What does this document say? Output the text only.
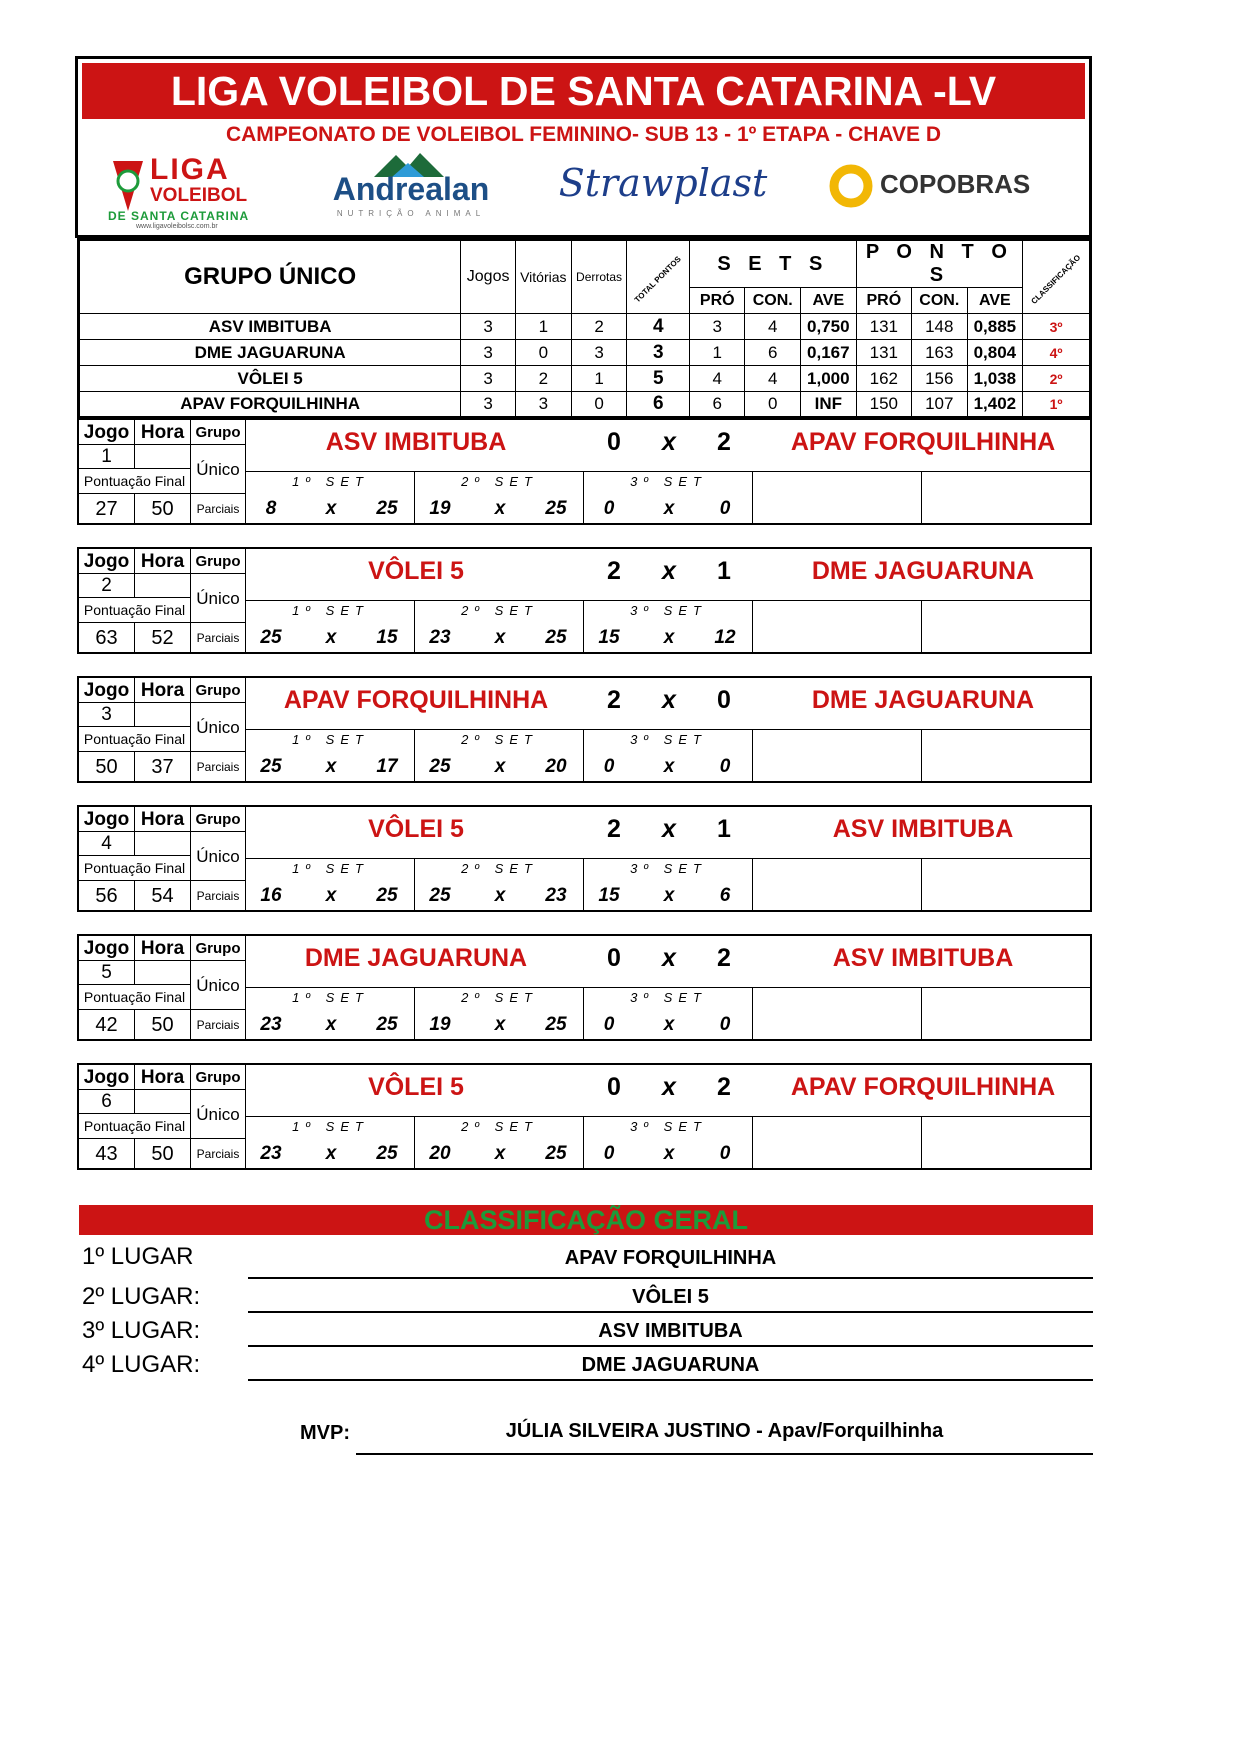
LIGA VOLEIBOL DE SANTA CATARINA -LV
CAMPEONATO DE VOLEIBOL FEMININO- SUB 13 - 1º ETAPA - CHAVE D
LIGA
VOLEIBOL
DE SANTA CATARINA
www.ligavoleibolsc.com.br
Andrealan
NUTRIÇÃO ANIMAL
Strawplast	COPOBRAS
GRUPO ÚNICO	Jogos	Vitórias	Derrotas	TOTAL PONTOS	S E T S			P O N T O S			CLASSIFICAÇÃO
					PRÓ	CON.	AVE	PRÓ	CON.	AVE	
ASV IMBITUBA	3	1	2	4	3	4	0,750	131	148	0,885	3º
DME JAGUARUNA	3	0	3	3	1	6	0,167	131	163	0,804	4º
VÔLEI 5	3	2	1	5	4	4	1,000	162	156	1,038	2º
APAV FORQUILHINHA	3	3	0	6	6	0	INF	150	107	1,402	1º
Jogo Hora Grupo
1
Único
Pontuação Final
27	50	Parciais
ASV IMBITUBA	0	x	2	APAV FORQUILHINHA
1º SET	2º SET	3º SET
8	x	25	19	x	25	0	x	0
Jogo Hora Grupo
2
Único
Pontuação Final
63	52	Parciais
VÔLEI 5	2	x	1	DME JAGUARUNA
1º SET	2º SET	3º SET
25	x	15	23	x	25	15	x	12
Jogo Hora Grupo
3
Único
Pontuação Final
50	37	Parciais
APAV FORQUILHINHA	2	x	0	DME JAGUARUNA
1º SET	2º SET	3º SET
25	x	17	25	x	20	0	x	0
Jogo Hora Grupo
4
Único
Pontuação Final
56	54	Parciais
VÔLEI 5	2	x	1	ASV IMBITUBA
1º SET	2º SET	3º SET
16	x	25	25	x	23	15	x	6
Jogo Hora Grupo
5
Único
Pontuação Final
42	50	Parciais
DME JAGUARUNA	0	x	2	ASV IMBITUBA
1º SET	2º SET	3º SET
23	x	25	19	x	25	0	x	0
Jogo Hora Grupo
6
Único
Pontuação Final
43	50	Parciais
VÔLEI 5	0	x	2	APAV FORQUILHINHA
1º SET	2º SET	3º SET
23	x	25	20	x	25	0	x	0
CLASSIFICAÇÃO GERAL
1º LUGAR	APAV FORQUILHINHA
2º LUGAR:	VÔLEI 5
3º LUGAR:	ASV IMBITUBA
4º LUGAR:	DME JAGUARUNA
MVP:	JÚLIA SILVEIRA JUSTINO - Apav/Forquilhinha
